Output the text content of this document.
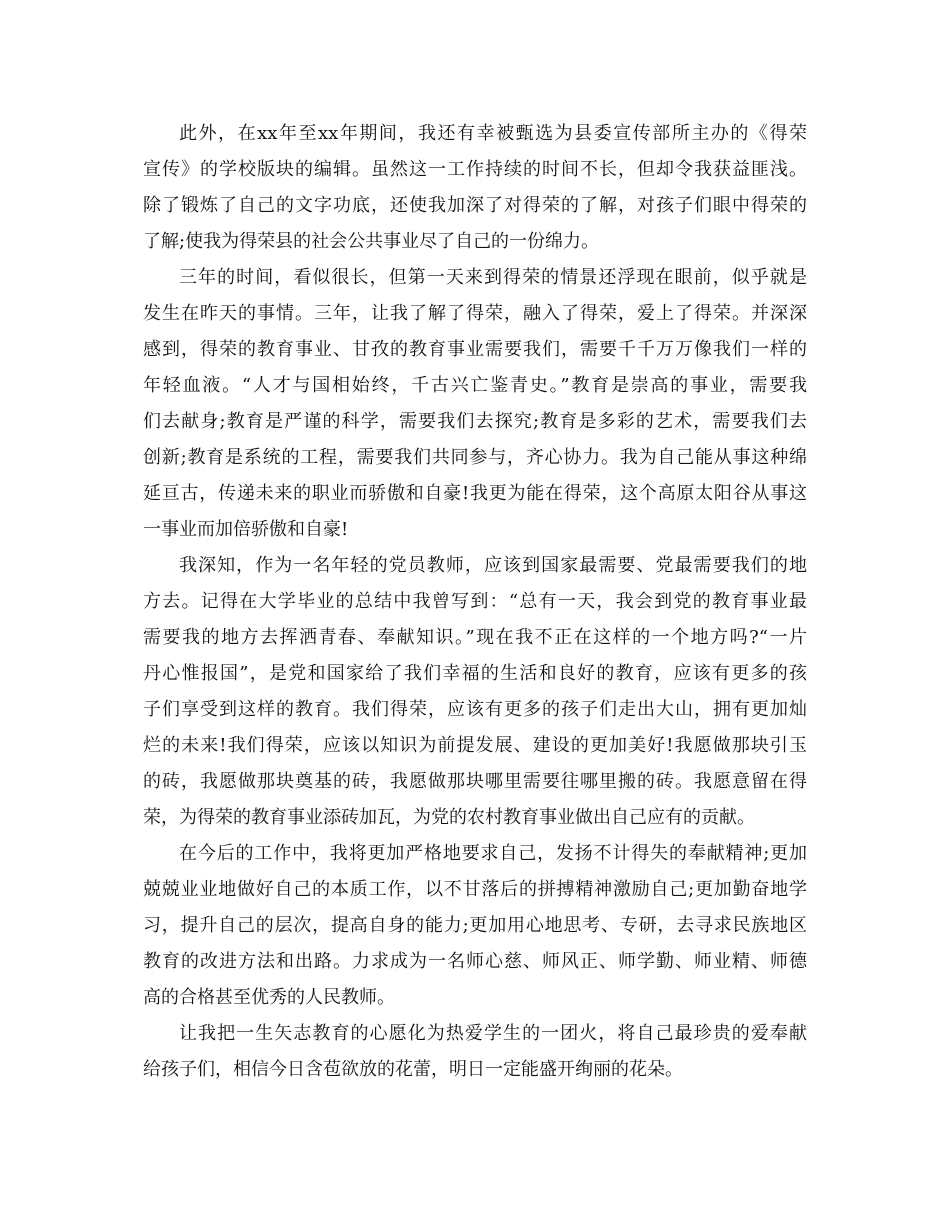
此外，在xx年至xx年期间，我还有幸被甄选为县委宣传部所主办的《得荣
宣传》的学校版块的编辑。虽然这一工作持续的时间不长，但却令我获益匪浅。
除了锻炼了自己的文字功底，还使我加深了对得荣的了解，对孩子们眼中得荣的
了解;使我为得荣县的社会公共事业尽了自己的一份绵力。
三年的时间，看似很长，但第一天来到得荣的情景还浮现在眼前，似乎就是
发生在昨天的事情。三年，让我了解了得荣，融入了得荣，爱上了得荣。并深深
感到，得荣的教育事业、甘孜的教育事业需要我们，需要千千万万像我们一样的
年轻血液。“人才与国相始终，千古兴亡鉴青史。”教育是崇高的事业，需要我
们去献身;教育是严谨的科学，需要我们去探究;教育是多彩的艺术，需要我们去
创新;教育是系统的工程，需要我们共同参与，齐心协力。我为自己能从事这种绵
延亘古，传递未来的职业而骄傲和自豪!我更为能在得荣，这个高原太阳谷从事这
一事业而加倍骄傲和自豪!
我深知，作为一名年轻的党员教师，应该到国家最需要、党最需要我们的地
方去。记得在大学毕业的总结中我曾写到：“总有一天，我会到党的教育事业最
需要我的地方去挥洒青春、奉献知识。”现在我不正在这样的一个地方吗?“一片
丹心惟报国”，是党和国家给了我们幸福的生活和良好的教育，应该有更多的孩
子们享受到这样的教育。我们得荣，应该有更多的孩子们走出大山，拥有更加灿
烂的未来!我们得荣，应该以知识为前提发展、建设的更加美好!我愿做那块引玉
的砖，我愿做那块奠基的砖，我愿做那块哪里需要往哪里搬的砖。我愿意留在得
荣，为得荣的教育事业添砖加瓦，为党的农村教育事业做出自己应有的贡献。
在今后的工作中，我将更加严格地要求自己，发扬不计得失的奉献精神;更加
兢兢业业地做好自己的本质工作，以不甘落后的拼搏精神激励自己;更加勤奋地学
习，提升自己的层次，提高自身的能力;更加用心地思考、专研，去寻求民族地区
教育的改进方法和出路。力求成为一名师心慈、师风正、师学勤、师业精、师德
高的合格甚至优秀的人民教师。
让我把一生矢志教育的心愿化为热爱学生的一团火，将自己最珍贵的爱奉献
给孩子们，相信今日含苞欲放的花蕾，明日一定能盛开绚丽的花朵。
